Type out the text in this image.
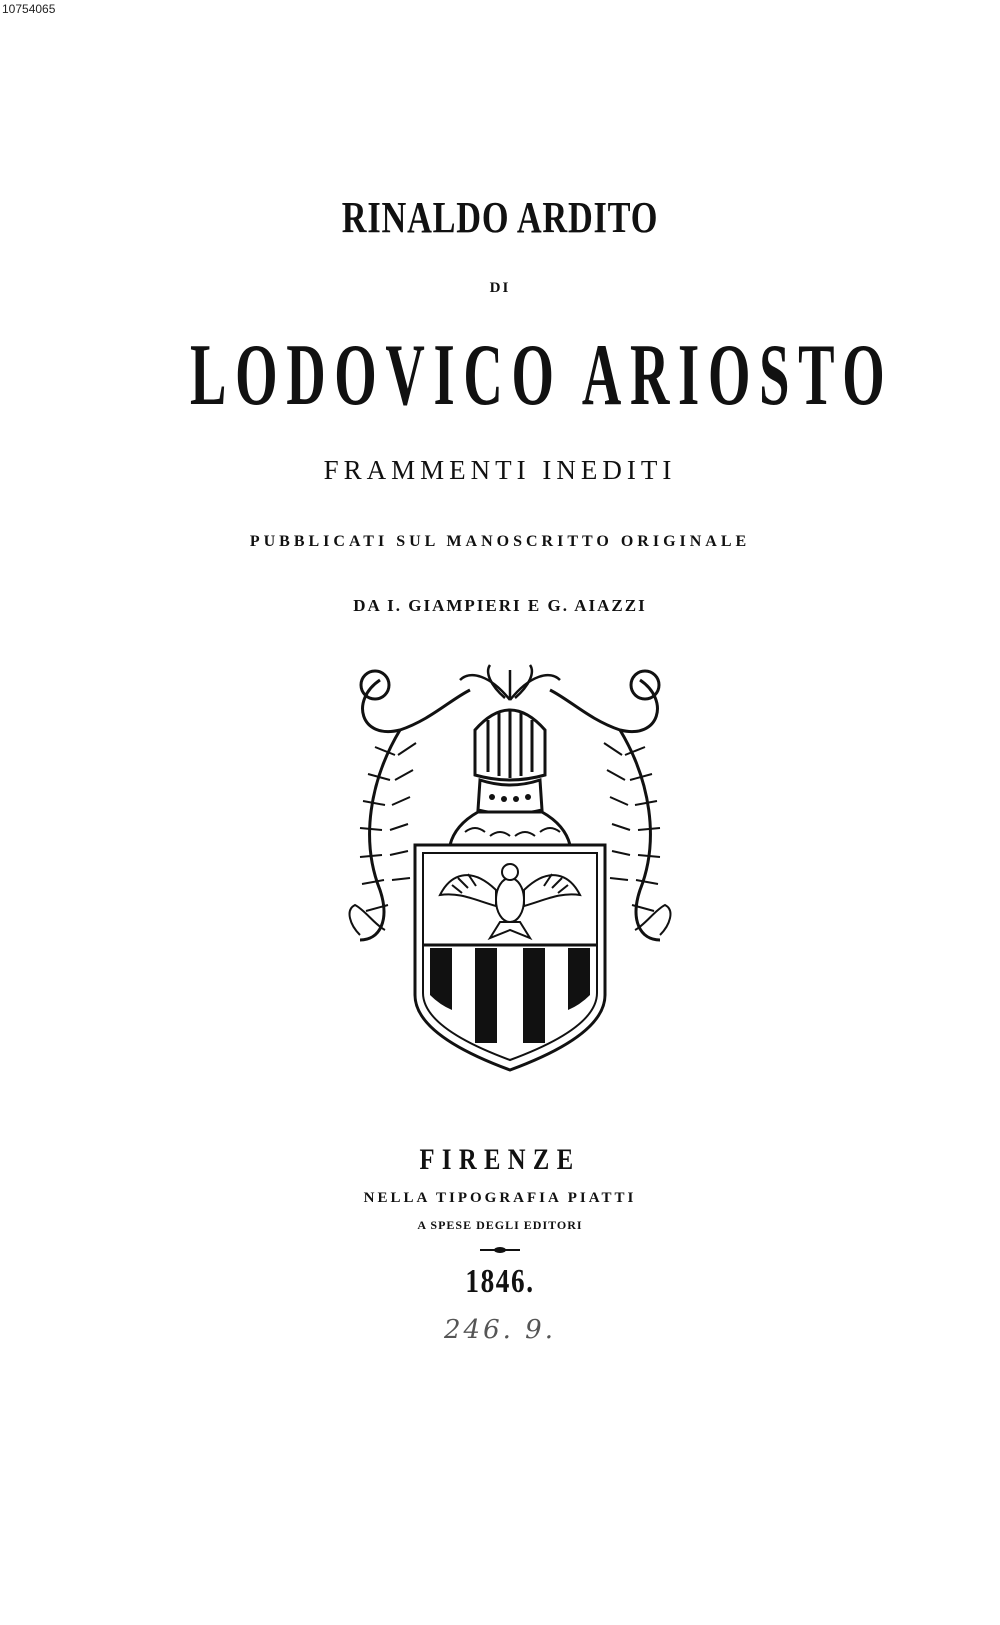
10754065
RINALDO ARDITO
DI
LODOVICO ARIOSTO
FRAMMENTI INEDITI
PUBBLICATI SUL MANOSCRITTO ORIGINALE
DA I. GIAMPIERI E G. AIAZZI
FIRENZE
NELLA TIPOGRAFIA PIATTI
A SPESE DEGLI EDITORI
1846.
246. 9.
